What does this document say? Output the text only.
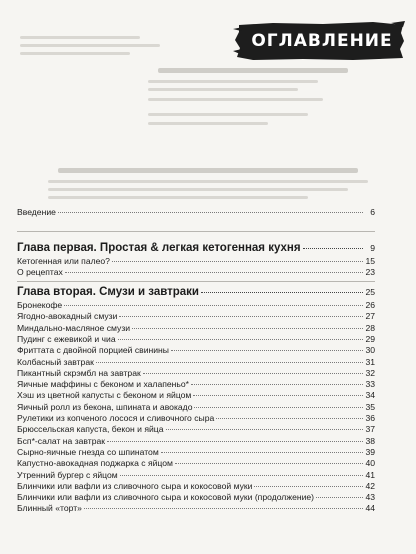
ОГЛАВЛЕНИЕ
Введение	6
Глава первая. Простая & легкая кетогенная кухня	9
Кетогенная или палео?	15
О рецептах	23
Глава вторая. Смузи и завтраки	25
Бронекофе	26
Ягодно-авокадный смузи	27
Миндально-масляное смузи	28
Пудинг с ежевикой и чиа	29
Фриттата с двойной порцией свинины	30
Колбасный завтрак	31
Пикантный скрэмбл на завтрак	32
Яичные маффины с беконом и халапеньо*	33
Хэш из цветной капусты с беконом и яйцом	34
Яичный ролл из бекона, шпината и авокадо	35
Рулетики из копченого лосося и сливочного сыра	36
Брюссельская капуста, бекон и яйца	37
Бсп*-салат на завтрак	38
Сырно-яичные гнезда со шпинатом	39
Капустно-авокадная поджарка с яйцом	40
Утренний бургер с яйцом	41
Блинчики или вафли из сливочного сыра и кокосовой муки	42
Блинчики или вафли из сливочного сыра и кокосовой муки (продолжение)	43
Блинный «торт»	44
